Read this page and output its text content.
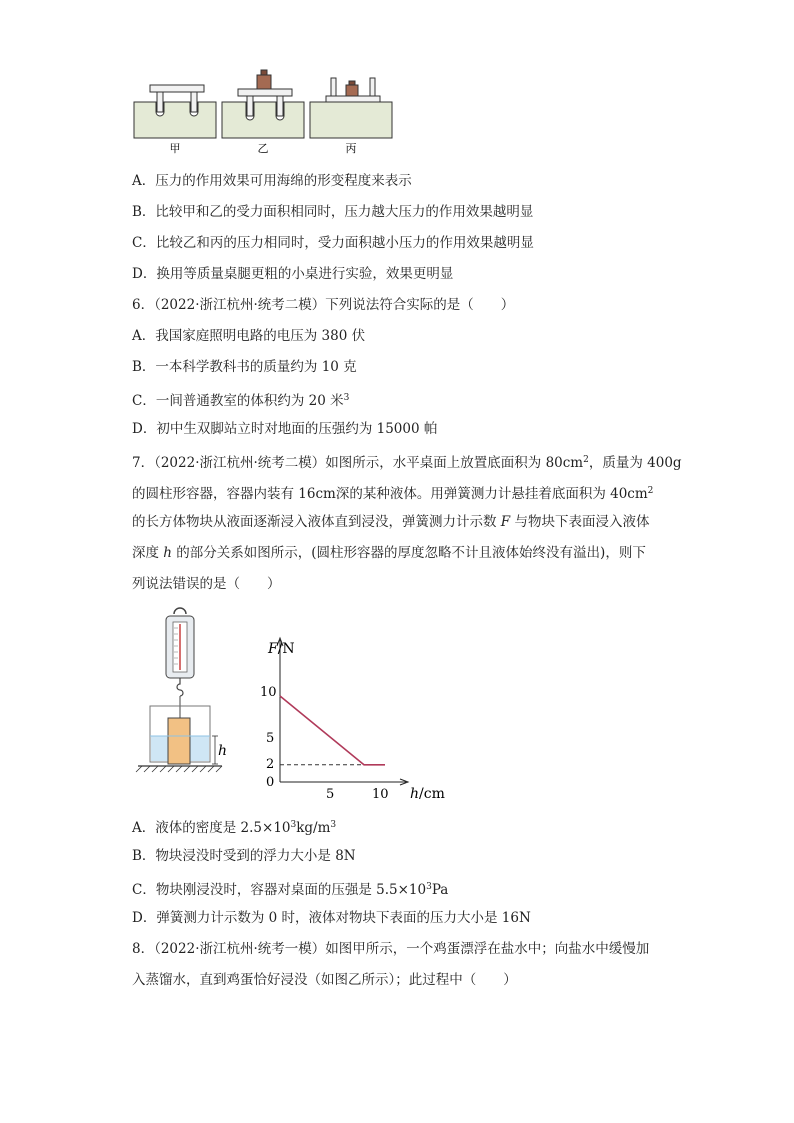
甲	乙	丙
A．压力的作用效果可用海绵的形变程度来表示
B．比较甲和乙的受力面积相同时，压力越大压力的作用效果越明显
C．比较乙和丙的压力相同时，受力面积越小压力的作用效果越明显
D．换用等质量桌腿更粗的小桌进行实验，效果更明显
6．（2022·浙江杭州·统考二模）下列说法符合实际的是（　　）
A．我国家庭照明电路的电压为 380 伏
B．一本科学教科书的质量约为 10 克
C．一间普通教室的体积约为 20 米$^3$
D．初中生双脚站立时对地面的压强约为 15000 帕
7．（2022·浙江杭州·统考二模）如图所示，水平桌面上放置底面积为 $80cm^2$，质量为 400g
的圆柱形容器，容器内装有 16cm深的某种液体。用弹簧测力计悬挂着底面积为 $40cm^2$
的长方体物块从液面逐渐浸入液体直到浸没，弹簧测力计示数 F 与物块下表面浸入液体
深度 h 的部分关系如图所示，(圆柱形容器的厚度忽略不计且液体始终没有溢出)，则下
列说法错误的是（　　）
h
F/N
h/cm
10
5
2
0
5	10
A．液体的密度是 $2.5\times 10^3kg/m^3$
B．物块浸没时受到的浮力大小是 8N
C．物块刚浸没时，容器对桌面的压强是 $5.5\times 10^3Pa$
D．弹簧测力计示数为 0 时，液体对物块下表面的压力大小是 16N
8．（2022·浙江杭州·统考一模）如图甲所示，一个鸡蛋漂浮在盐水中；向盐水中缓慢加
入蒸馏水，直到鸡蛋恰好浸没（如图乙所示）；此过程中（　　）
